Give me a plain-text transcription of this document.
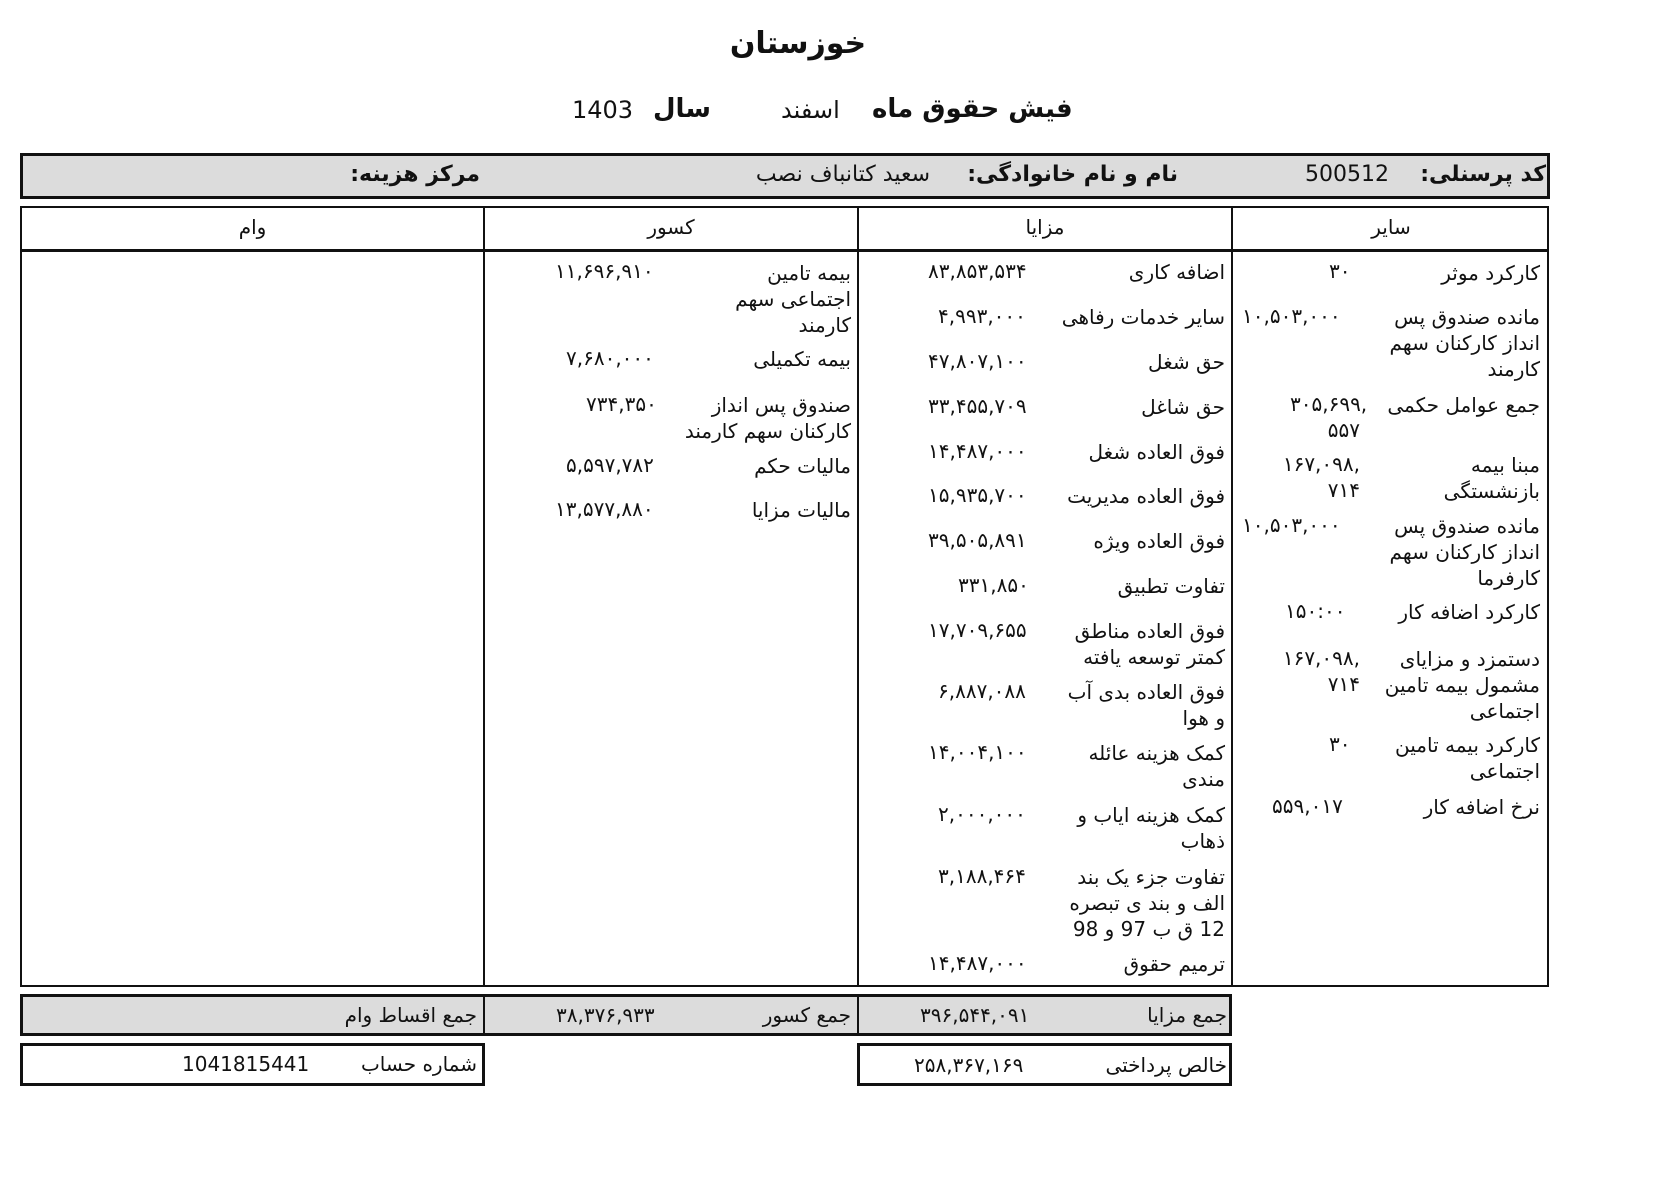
خوزستان
فیش حقوق ماه
اسفند
سال
1403
کد پرسنلی:
500512
نام و نام خانوادگی:
سعید کتانباف نصب
مرکز هزینه:
سایر
مزایا
کسور
وام
کارکرد موثر
۳۰
مانده صندوق پس انداز کارکنان سهم کارمند
۱۰,۵۰۳,۰۰۰
جمع عوامل حکمی
۳۰۵,۶۹۹, ۵۵۷
مبنا بیمه بازنشستگی
۱۶۷,۰۹۸, ۷۱۴
مانده صندوق پس انداز کارکنان سهم کارفرما
۱۰,۵۰۳,۰۰۰
کارکرد اضافه کار
۱۵۰:۰۰
دستمزد و مزایای مشمول بیمه تامین اجتماعی
۱۶۷,۰۹۸, ۷۱۴
کارکرد بیمه تامین اجتماعی
۳۰
نرخ اضافه کار
۵۵۹,۰۱۷
اضافه کاری
۸۳,۸۵۳,۵۳۴
سایر خدمات رفاهی
۴,۹۹۳,۰۰۰
حق شغل
۴۷,۸۰۷,۱۰۰
حق شاغل
۳۳,۴۵۵,۷۰۹
فوق العاده شغل
۱۴,۴۸۷,۰۰۰
فوق العاده مدیریت
۱۵,۹۳۵,۷۰۰
فوق العاده ویژه
۳۹,۵۰۵,۸۹۱
تفاوت تطبیق
۳۳۱,۸۵۰
فوق العاده مناطق کمتر توسعه یافته
۱۷,۷۰۹,۶۵۵
فوق العاده بدی آب و هوا
۶,۸۸۷,۰۸۸
کمک هزینه عائله مندی
۱۴,۰۰۴,۱۰۰
کمک هزینه ایاب و ذهاب
۲,۰۰۰,۰۰۰
تفاوت جزء یک بند الف و بند ی تبصره 12 ق ب 97 و 98
۳,۱۸۸,۴۶۴
ترمیم حقوق
۱۴,۴۸۷,۰۰۰
بیمه تامین اجتماعی سهم کارمند
۱۱,۶۹۶,۹۱۰
بیمه تکمیلی
۷,۶۸۰,۰۰۰
صندوق پس انداز کارکنان سهم کارمند
۷۳۴,۳۵۰
مالیات حکم
۵,۵۹۷,۷۸۲
مالیات مزایا
۱۳,۵۷۷,۸۸۰
جمع مزایا
۳۹۶,۵۴۴,۰۹۱
جمع کسور
۳۸,۳۷۶,۹۳۳
جمع اقساط وام
شماره حساب
1041815441	خالص پرداختی
۲۵۸,۳۶۷,۱۶۹
